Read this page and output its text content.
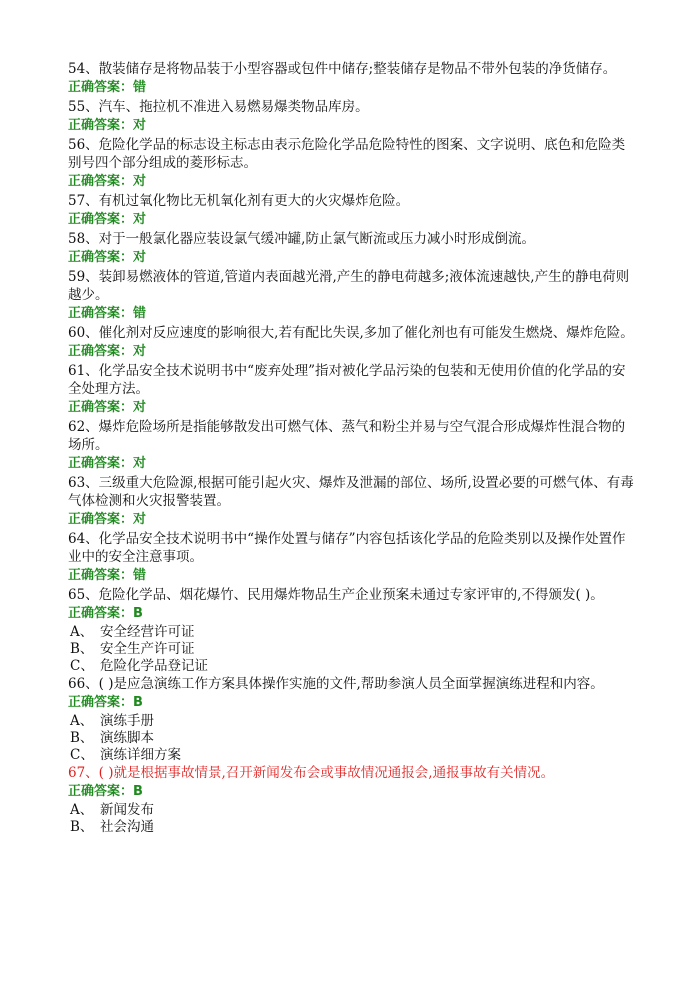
54、散装储存是将物品装于小型容器或包件中储存;整装储存是物品不带外包装的净货储存。

正确答案：错

55、汽车、拖拉机不准进入易燃易爆类物品库房。

正确答案：对

56、危险化学品的标志设主标志由表示危险化学品危险特性的图案、文字说明、底色和危险类别号四个部分组成的菱形标志。

正确答案：对

57、有机过氧化物比无机氧化剂有更大的火灾爆炸危险。

正确答案：对

58、对于一般氯化器应装设氯气缓冲罐,防止氯气断流或压力减小时形成倒流。

正确答案：对

59、装卸易燃液体的管道,管道内表面越光滑,产生的静电荷越多;液体流速越快,产生的静电荷则越少。

正确答案：错

60、催化剂对反应速度的影响很大,若有配比失误,多加了催化剂也有可能发生燃烧、爆炸危险。

正确答案：对

61、化学品安全技术说明书中“废弃处理”指对被化学品污染的包装和无使用价值的化学品的安全处理方法。

正确答案：对

62、爆炸危险场所是指能够散发出可燃气体、蒸气和粉尘并易与空气混合形成爆炸性混合物的场所。

正确答案：对

63、三级重大危险源,根据可能引起火灾、爆炸及泄漏的部位、场所,设置必要的可燃气体、有毒气体检测和火灾报警装置。

正确答案：对

64、化学品安全技术说明书中“操作处置与储存”内容包括该化学品的危险类别以及操作处置作业中的安全注意事项。

正确答案：错

65、危险化学品、烟花爆竹、民用爆炸物品生产企业预案未通过专家评审的,不得颁发( )。

正确答案：B

A、 安全经营许可证

B、 安全生产许可证

C、 危险化学品登记证

66、( )是应急演练工作方案具体操作实施的文件,帮助参演人员全面掌握演练进程和内容。

正确答案：B

A、 演练手册

B、 演练脚本

C、 演练详细方案

67、( )就是根据事故情景,召开新闻发布会或事故情况通报会,通报事故有关情况。

正确答案：B

A、 新闻发布

B、 社会沟通
